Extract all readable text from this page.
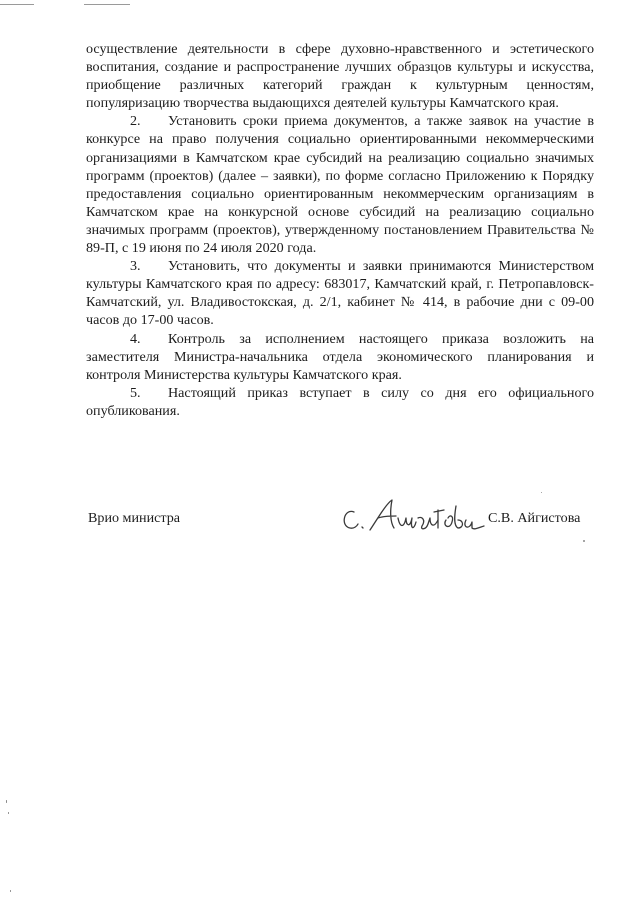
осуществление деятельности в сфере духовно-нравственного и эстетического воспитания, создание и распространение лучших образцов культуры и искусства, приобщение различных категорий граждан к культурным ценностям, популяризацию творчества выдающихся деятелей культуры Камчатского края.

2. Установить сроки приема документов, а также заявок на участие в конкурсе на право получения социально ориентированными некоммерческими организациями в Камчатском крае субсидий на реализацию социально значимых программ (проектов) (далее – заявки), по форме согласно Приложению к Порядку предоставления социально ориентированным некоммерческим организациям в Камчатском крае на конкурсной основе субсидий на реализацию социально значимых программ (проектов), утвержденному постановлением Правительства № 89-П, с 19 июня по 24 июля 2020 года.

3. Установить, что документы и заявки принимаются Министерством культуры Камчатского края по адресу: 683017, Камчатский край, г. Петропавловск-Камчатский, ул. Владивостокская, д. 2/1, кабинет № 414, в рабочие дни с 09-00 часов до 17-00 часов.

4. Контроль за исполнением настоящего приказа возложить на заместителя Министра-начальника отдела экономического планирования и контроля Министерства культуры Камчатского края.

5. Настоящий приказ вступает в силу со дня его официального опубликования.

Врио министра	С.В. Айгистова
